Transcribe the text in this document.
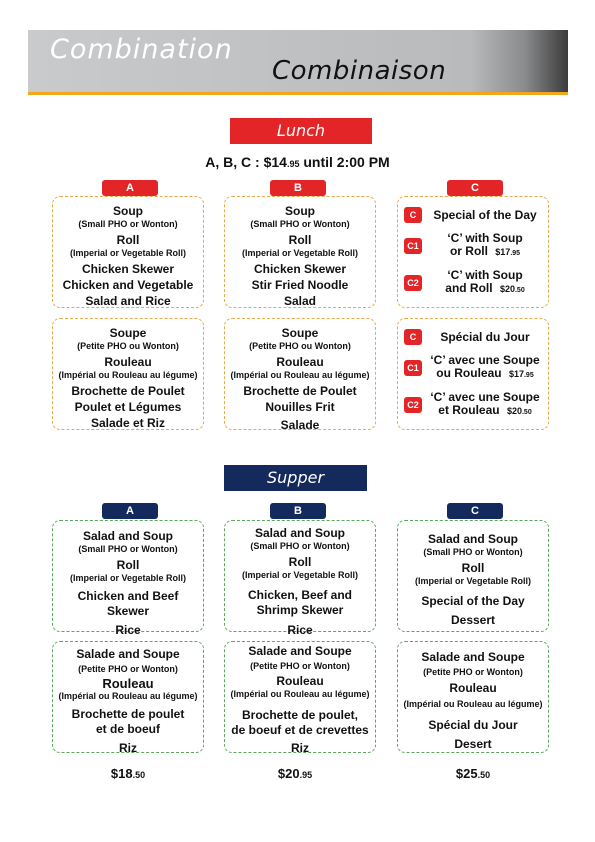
Combination
Combinaison
Lunch
A, B, C : $14.95 until 2:00 PM
A	B	C
Soup
(Small PHO or Wonton)
Roll
(Imperial or Vegetable Roll)
Chicken Skewer
Chicken and Vegetable
Salad and Rice
Soup
(Small PHO or Wonton)
Roll
(Imperial or Vegetable Roll)
Chicken Skewer
Stir Fried Noodle
Salad
C	Special of the Day
C1
‘C’ with Soup
or Roll $17.95
C2
‘C’ with Soup
and Roll $20.50
Soupe
(Petite PHO ou Wonton)
Rouleau
(Impérial ou Rouleau au légume)
Brochette de Poulet
Poulet et Légumes
Salade et Riz
Soupe
(Petite PHO ou Wonton)
Rouleau
(Impérial ou Rouleau au légume)
Brochette de Poulet
Nouilles Frit
Salade
C	Spécial du Jour
C1
‘C’ avec une Soupe
ou Rouleau $17.95
C2
‘C’ avec une Soupe
et Rouleau $20.50
Supper
A	B	C
Salad and Soup
(Small PHO or Wonton)
Roll
(Imperial or Vegetable Roll)
Chicken and Beef
Skewer
Rice
Salad and Soup
(Small PHO or Wonton)
Roll
(Imperial or Vegetable Roll)
Chicken, Beef and
Shrimp Skewer
Rice
Salad and Soup
(Small PHO or Wonton)
Roll
(Imperial or Vegetable Roll)
Special of the Day
Dessert
Salade and Soupe
(Petite PHO or Wonton)
Rouleau
(Impérial ou Rouleau au légume)
Brochette de poulet
et de boeuf
Riz
Salade and Soupe
(Petite PHO or Wonton)
Rouleau
(Impérial ou Rouleau au légume)
Brochette de poulet,
de boeuf et de crevettes
Riz
Salade and Soupe
(Petite PHO or Wonton)
Rouleau
(Impérial ou Rouleau au légume)
Spécial du Jour
Desert
$18.50	$20.95	$25.50
